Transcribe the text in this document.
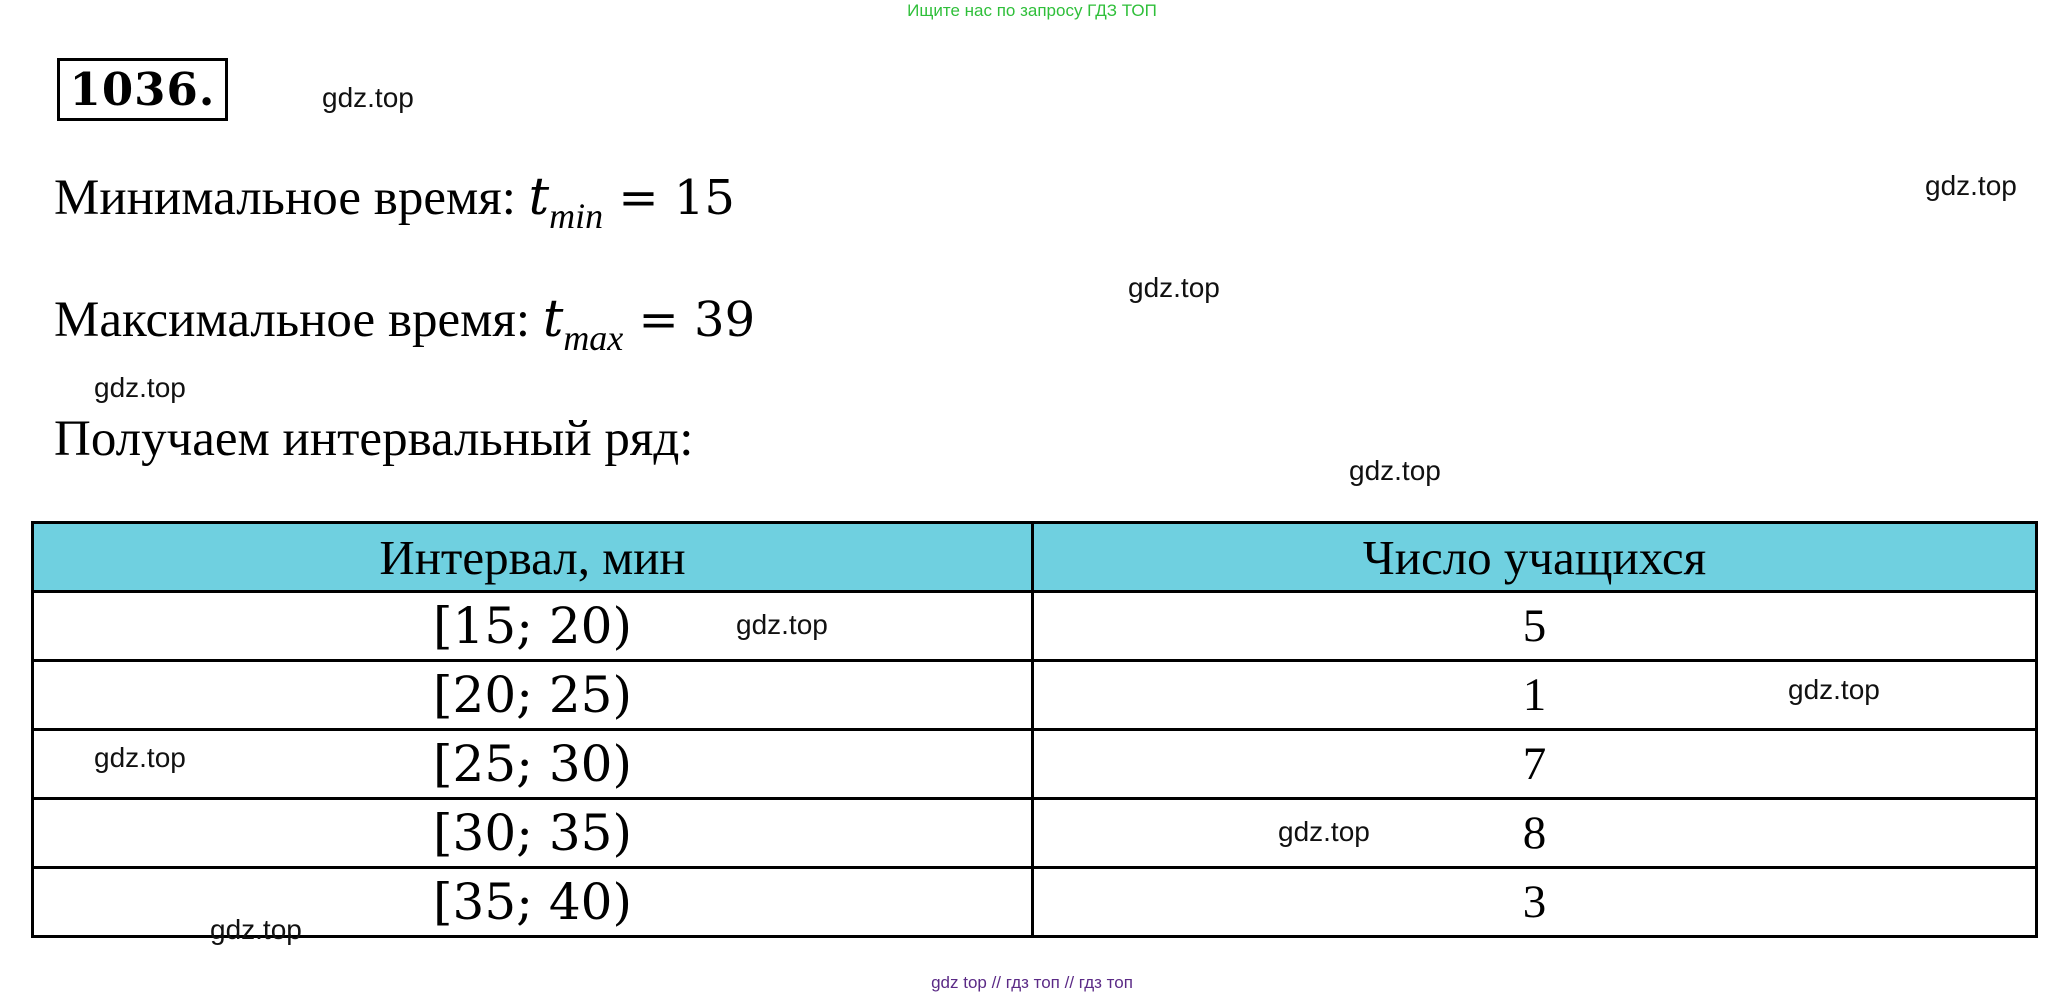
Ищите нас по запросу ГДЗ ТОП
1036.	gdz.top
gdz.top
gdz.top
gdz.top
gdz.top
Минимальное время: $t_{min} = 15$
Максимальное время: $t_{max} = 39$
Получаем интервальный ряд:
Интервал, мин	Число учащихся
[15; 20)	5
[20; 25)	1
[25; 30)	7
[30; 35)	8
[35; 40)	3
gdz.top
gdz.top
gdz.top
gdz.top
gdz.top
gdz top // гдз топ // гдз топ
